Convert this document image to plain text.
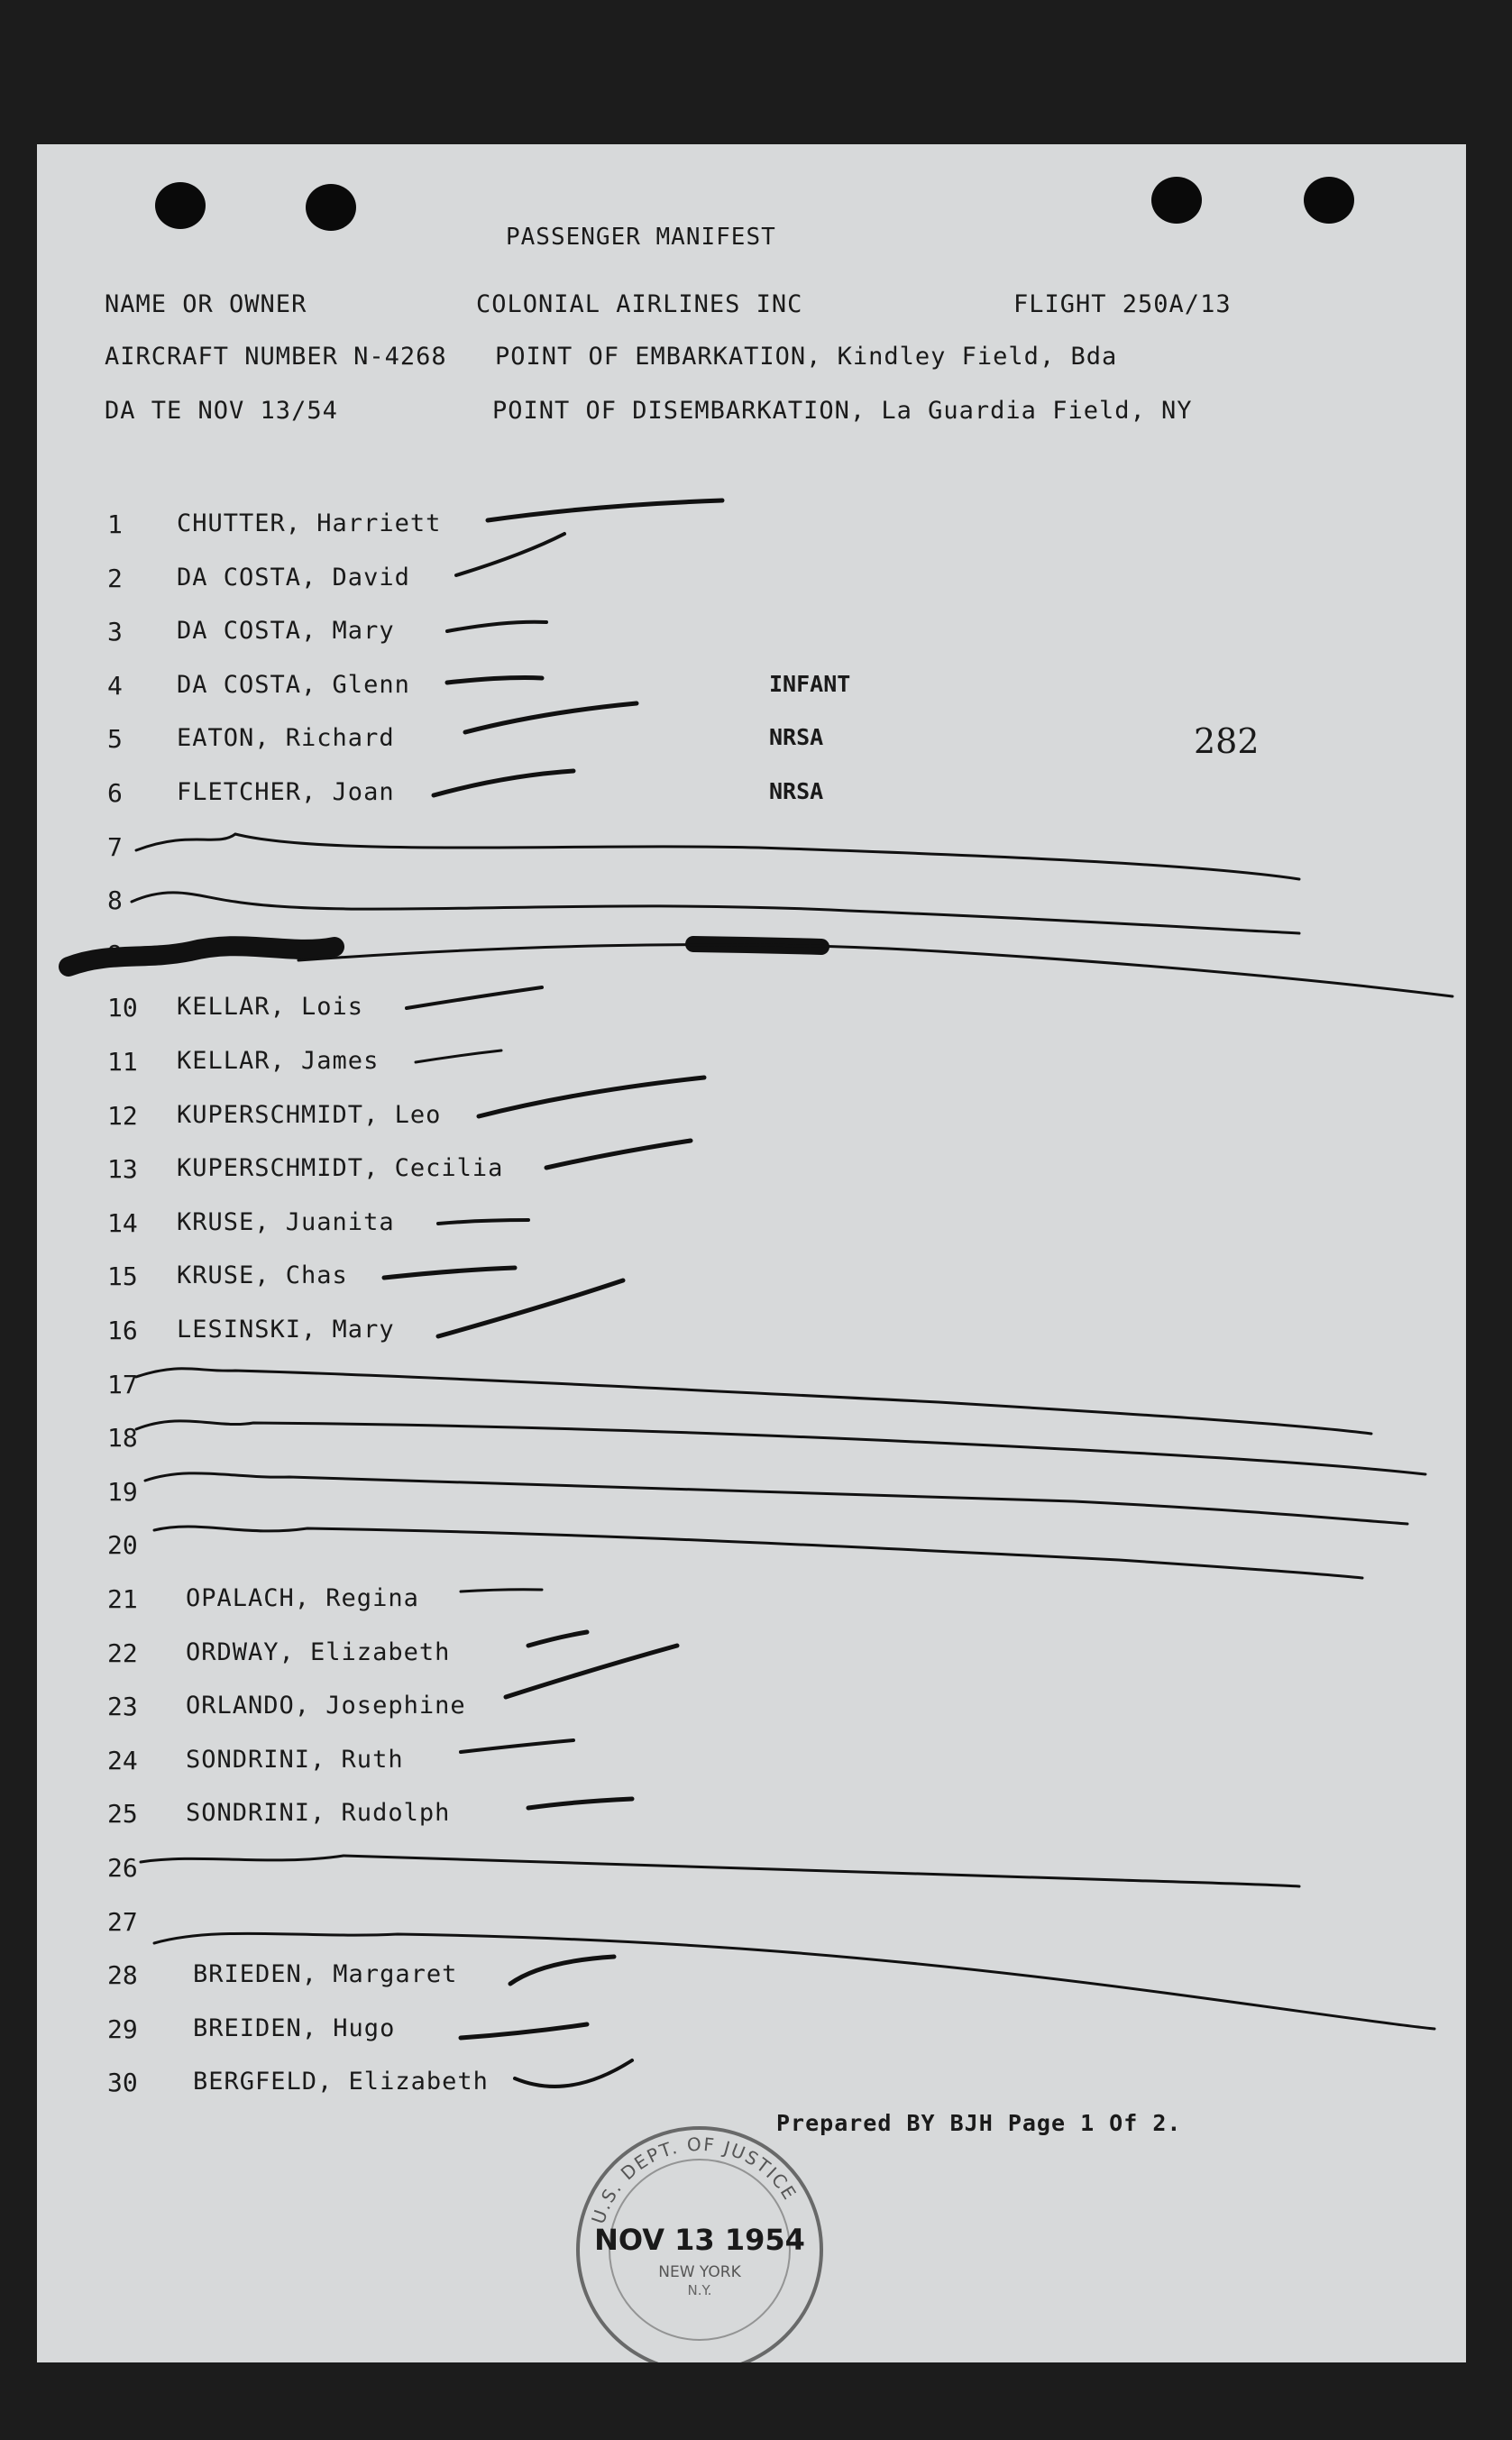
PASSENGER MANIFEST
NAME OR OWNER	COLONIAL AIRLINES INC	FLIGHT 250A/13
AIRCRAFT NUMBER N-4268 POINT OF EMBARKATION, Kindley Field, Bda
DA TE NOV 13/54	POINT OF DISEMBARKATION, La Guardia Field, NY
282
1 CHUTTER, Harriett
2 DA COSTA, David
3 DA COSTA, Mary
4 DA COSTA, Glenn	INFANT
5 EATON, Richard	NRSA
6 FLETCHER, Joan	NRSA
7
8
9
10 KELLAR, Lois
11 KELLAR, James
12 KUPERSCHMIDT, Leo
13 KUPERSCHMIDT, Cecilia
14 KRUSE, Juanita
15 KRUSE, Chas
16 LESINSKI, Mary
17
18
19
20
21 OPALACH, Regina
22 ORDWAY, Elizabeth
23 ORLANDO, Josephine
24 SONDRINI, Ruth
25 SONDRINI, Rudolph
26
27
28 BRIEDEN, Margaret
29 BREIDEN, Hugo
30 BERGFELD, Elizabeth
Prepared BY BJH Page 1 Of 2.
U.S. DEPT. OF JUSTICE
NOV 13 1954
NEW YORK
N.Y.
